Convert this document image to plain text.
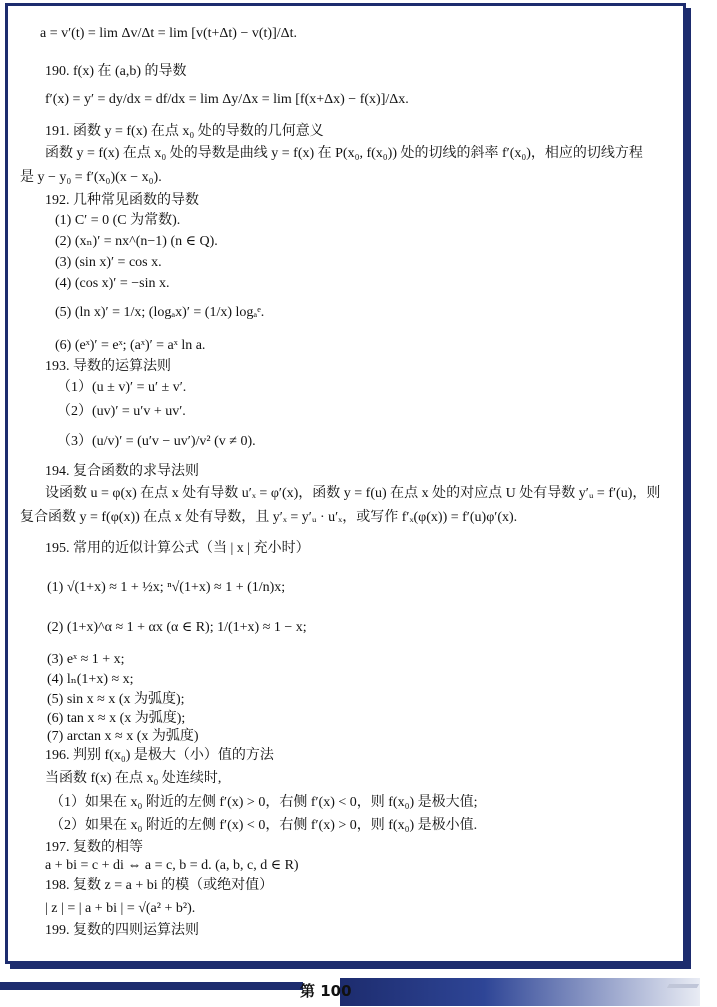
a = v′(t) = lim Δv/Δt = lim [v(t+Δt) − v(t)]/Δt.
190. f(x) 在 (a,b) 的导数
f′(x) = y′ = dy/dx = df/dx = lim Δy/Δx = lim [f(x+Δx) − f(x)]/Δx.
191. 函数 y = f(x) 在点 x₀ 处的导数的几何意义
函数 y = f(x) 在点 x₀ 处的导数是曲线 y = f(x) 在 P(x₀, f(x₀)) 处的切线的斜率 f′(x₀)，相应的切线方程
是 y − y₀ = f′(x₀)(x − x₀).
192. 几种常见函数的导数
(1) C′ = 0 (C 为常数).
(2) (xₙ)′ = nx^(n−1) (n ∈ Q).
(3) (sin x)′ = cos x.
(4) (cos x)′ = −sin x.
(5) (ln x)′ = 1/x; (logₐx)′ = (1/x) logₐᵉ.
(6) (eˣ)′ = eˣ; (aˣ)′ = aˣ ln a.
193. 导数的运算法则
（1）(u ± v)′ = u′ ± v′.
（2）(uv)′ = u′v + uv′.
（3）(u/v)′ = (u′v − uv′)/v² (v ≠ 0).
194. 复合函数的求导法则
设函数 u = φ(x) 在点 x 处有导数 u′ₓ = φ′(x)，函数 y = f(u) 在点 x 处的对应点 U 处有导数 y′ᵤ = f′(u)，则
复合函数 y = f(φ(x)) 在点 x 处有导数，且 y′ₓ = y′ᵤ · u′ₓ，或写作 f′ₓ(φ(x)) = f′(u)φ′(x).
195. 常用的近似计算公式（当 | x | 充小时）
(1) √(1+x) ≈ 1 + ½x; ⁿ√(1+x) ≈ 1 + (1/n)x;
(2) (1+x)^α ≈ 1 + αx (α ∈ R); 1/(1+x) ≈ 1 − x;
(3) eˣ ≈ 1 + x;
(4) lₙ(1+x) ≈ x;
(5) sin x ≈ x (x 为弧度);
(6) tan x ≈ x (x 为弧度);
(7) arctan x ≈ x (x 为弧度)
196. 判别 f(x₀) 是极大（小）值的方法
当函数 f(x) 在点 x₀ 处连续时,
（1）如果在 x₀ 附近的左侧 f′(x) > 0，右侧 f′(x) < 0，则 f(x₀) 是极大值;
（2）如果在 x₀ 附近的左侧 f′(x) < 0，右侧 f′(x) > 0，则 f(x₀) 是极小值.
197. 复数的相等
a + bi = c + di ⇔ a = c, b = d. (a, b, c, d ∈ R)
198. 复数 z = a + bi 的模（或绝对值）
| z | = | a + bi | = √(a² + b²).
199. 复数的四则运算法则
第 100
